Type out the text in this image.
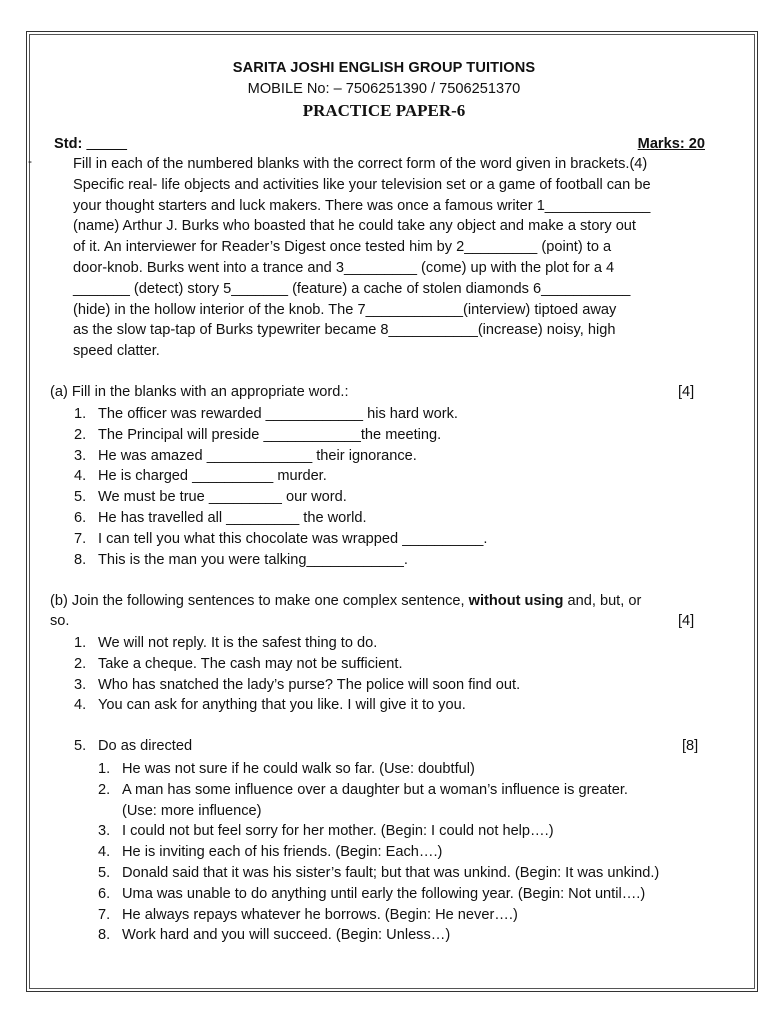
SARITA JOSHI ENGLISH GROUP TUITIONS
MOBILE No: – 7506251390 / 7506251370
PRACTICE PAPER-6
Std: _____	Marks: 20
-	Fill in each of the numbered blanks with the correct form of the word given in brackets.(4)
Specific real- life objects and activities like your television set or a game of football can be
your thought starters and luck makers. There was once a famous writer 1_____________
(name) Arthur J. Burks who boasted that he could take any object and make a story out
of it. An interviewer for Reader’s Digest once tested him by 2_________ (point) to a
door-knob. Burks went into a trance and 3_________ (come) up with the plot for a 4
_______ (detect) story 5_______ (feature) a cache of stolen diamonds 6___________
(hide) in the hollow interior of the knob. The 7____________(interview) tiptoed away
as the slow tap-tap of Burks typewriter became 8___________(increase) noisy, high
speed clatter.
(a) Fill in the blanks with an appropriate word.:	[4]
1. The officer was rewarded ____________ his hard work.
2. The Principal will preside ____________the meeting.
3. He was amazed _____________ their ignorance.
4. He is charged __________ murder.
5. We must be true _________ our word.
6. He has travelled all _________ the world.
7. I can tell you what this chocolate was wrapped __________.
8. This is the man you were talking____________.
(b) Join the following sentences to make one complex sentence, without using and, but, or
so.	[4]
1. We will not reply. It is the safest thing to do.
2. Take a cheque. The cash may not be sufficient.
3. Who has snatched the lady’s purse? The police will soon find out.
4. You can ask for anything that you like. I will give it to you.
5. Do as directed	[8]
1. He was not sure if he could walk so far. (Use: doubtful)
2. A man has some influence over a daughter but a woman’s influence is greater.
(Use: more influence)
3. I could not but feel sorry for her mother. (Begin: I could not help….)
4. He is inviting each of his friends. (Begin: Each….)
5. Donald said that it was his sister’s fault; but that was unkind. (Begin: It was unkind.)
6. Uma was unable to do anything until early the following year. (Begin: Not until….)
7. He always repays whatever he borrows. (Begin: He never….)
8. Work hard and you will succeed. (Begin: Unless…)
